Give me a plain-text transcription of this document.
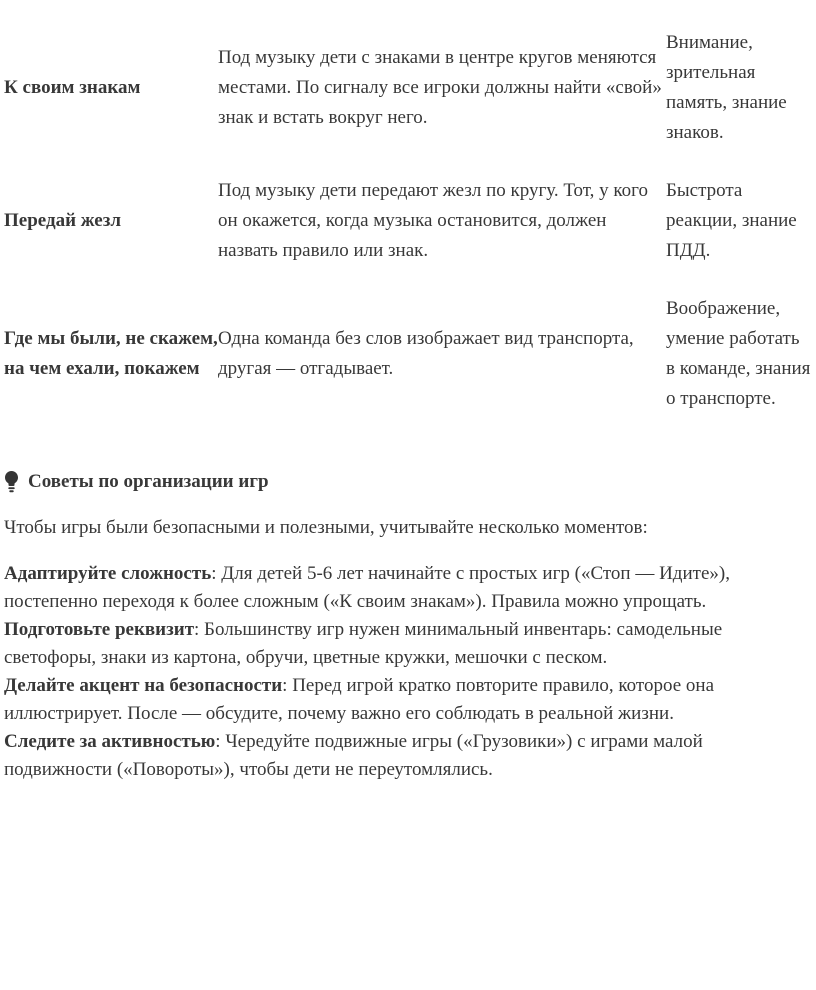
К своим знакам	Под музыку дети с знаками в центре кругов меняются местами. По сигналу все игроки должны найти «свой» знак и встать вокруг него.	Внимание, зрительная память, знание знаков.
Передай жезл	Под музыку дети передают жезл по кругу. Тот, у кого он окажется, когда музыка остановится, должен назвать правило или знак.	Быстрота реакции, знание ПДД.
Где мы были, не скажем, на чем ехали, покажем	Одна команда без слов изображает вид транспорта, другая — отгадывает.	Воображение, умение работать в команде, знания о транспорте.
Советы по организации игр

Чтобы игры были безопасными и полезными, учитывайте несколько моментов:

Адаптируйте сложность: Для детей 5-6 лет начинайте с простых игр («Стоп — Идите»), постепенно переходя к более сложным («К своим знакам»). Правила можно упрощать.

Подготовьте реквизит: Большинству игр нужен минимальный инвентарь: самодельные светофоры, знаки из картона, обручи, цветные кружки, мешочки с песком.

Делайте акцент на безопасности: Перед игрой кратко повторите правило, которое она иллюстрирует. После — обсудите, почему важно его соблюдать в реальной жизни.

Следите за активностью: Чередуйте подвижные игры («Грузовики») с играми малой подвижности («Повороты»), чтобы дети не переутомлялись.
